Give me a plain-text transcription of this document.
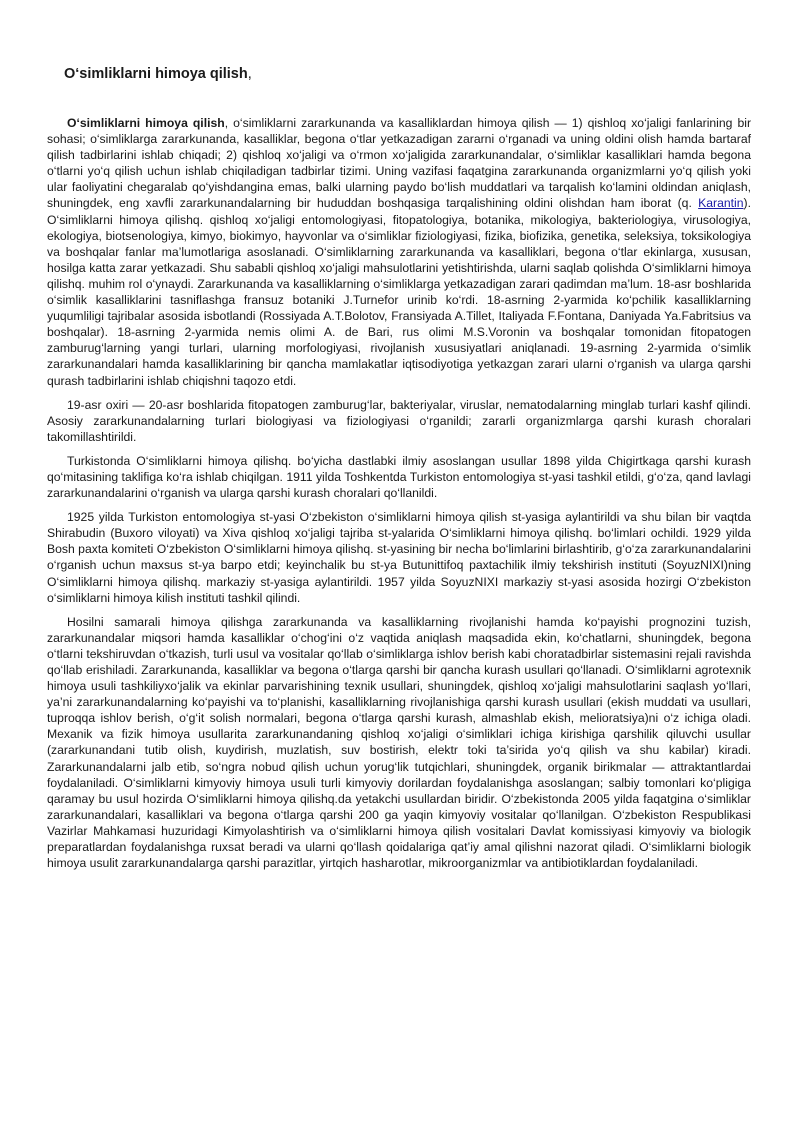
O‘simliklarni himoya qilish,

O‘simliklarni himoya qilish, o‘simliklarni zararkunanda va kasalliklardan himoya qilish — 1) qishloq xo‘jaligi fanlarining bir sohasi; o‘simliklarga zararkunanda, kasalliklar, begona o‘tlar yetkazadigan zararni o‘rganadi va uning oldini olish hamda bartaraf qilish tadbirlarini ishlab chiqadi; 2) qishloq xo‘jaligi va o‘rmon xo‘jaligida zararkunandalar, o‘simliklar kasalliklari hamda begona o‘tlarni yo‘q qilish uchun ishlab chiqiladigan tadbirlar tizimi. Uning vazifasi faqatgina zararkunanda organizmlarni yo‘q qilish yoki ular faoliyatini chegaralab qo‘yishdangina emas, balki ularning paydo bo‘lish muddatlari va tarqalish ko‘lamini oldindan aniqlash, shuningdek, eng xavfli zararkunandalarning bir hududdan boshqasiga tarqalishining oldini olishdan ham iborat (q. Karantin). O‘simliklarni himoya qilishq. qishloq xo‘jaligi entomologiyasi, fitopatologiya, botanika, mikologiya, bakteriologiya, virusologiya, ekologiya, biotsenologiya, kimyo, biokimyo, hayvonlar va o‘simliklar fiziologiyasi, fizika, biofizika, genetika, seleksiya, toksikologiya va boshqalar fanlar ma’lumotlariga asoslanadi. O‘simliklarning zararkunanda va kasalliklari, begona o‘tlar ekinlarga, xususan, hosilga katta zarar yetkazadi. Shu sababli qishloq xo‘jaligi mahsulotlarini yetishtirishda, ularni saqlab qolishda O‘simliklarni himoya qilishq. muhim rol o‘ynaydi. Zararkunanda va kasalliklarning o‘simliklarga yetkazadigan zarari qadimdan ma’lum. 18-asr boshlarida o‘simlik kasalliklarini tasniflashga fransuz botaniki J.Turnefor urinib ko‘rdi. 18-asrning 2-yarmida ko‘pchilik kasalliklarning yuqumliligi tajribalar asosida isbotlandi (Rossiyada A.T.Bolotov, Fransiyada A.Tillet, Italiyada F.Fontana, Daniyada Ya.Fabritsius va boshqalar). 18-asrning 2-yarmida nemis olimi A. de Bari, rus olimi M.S.Voronin va boshqalar tomonidan fitopatogen zamburug‘larning yangi turlari, ularning morfologiyasi, rivojlanish xususiyatlari aniqlanadi. 19-asrning 2-yarmida o‘simlik zararkunandalari hamda kasalliklarining bir qancha mamlakatlar iqtisodiyotiga yetkazgan zarari ularni o‘rganish va ularga qarshi qurash tadbirlarini ishlab chiqishni taqozo etdi.

19-asr oxiri — 20-asr boshlarida fitopatogen zamburug‘lar, bakteriyalar, viruslar, nematodalarning minglab turlari kashf qilindi. Asosiy zararkunandalarning turlari biologiyasi va fiziologiyasi o‘rganildi; zararli organizmlarga qarshi kurash choralari takomillashtirildi.

Turkistonda O‘simliklarni himoya qilishq. bo‘yicha dastlabki ilmiy asoslangan usullar 1898 yilda Chigirtkaga qarshi kurash qo‘mitasining taklifiga ko‘ra ishlab chiqilgan. 1911 yilda Toshkentda Turkiston entomologiya st-yasi tashkil etildi, g‘o‘za, qand lavlagi zararkunandalarini o‘rganish va ularga qarshi kurash choralari qo‘llanildi.

1925 yilda Turkiston entomologiya st-yasi O‘zbekiston o‘simliklarni himoya qilish st-yasiga aylantirildi va shu bilan bir vaqtda Shirabudin (Buxoro viloyati) va Xiva qishloq xo‘jaligi tajriba st-yalarida O‘simliklarni himoya qilishq. bo‘limlari ochildi. 1929 yilda Bosh paxta komiteti O‘zbekiston O‘simliklarni himoya qilishq. st-yasining bir necha bo‘limlarini birlashtirib, g‘o‘za zararkunandalarini o‘rganish uchun maxsus st-ya barpo etdi; keyinchalik bu st-ya Butunittifoq paxtachilik ilmiy tekshirish instituti (SoyuzNIXI)ning O‘simliklarni himoya qilishq. markaziy st-yasiga aylantirildi. 1957 yilda SoyuzNIXI markaziy st-yasi asosida hozirgi O‘zbekiston o‘simliklarni himoya kilish instituti tashkil qilindi.

Hosilni samarali himoya qilishga zararkunanda va kasalliklarning rivojlanishi hamda ko‘payishi prognozini tuzish, zararkunandalar miqsori hamda kasalliklar o‘chog‘ini o‘z vaqtida aniqlash maqsadida ekin, ko‘chatlarni, shuningdek, begona o‘tlarni tekshiruvdan o‘tkazish, turli usul va vositalar qo‘llab o‘simliklarga ishlov berish kabi choratadbirlar sistemasini rejali ravishda qo‘llab erishiladi. Zararkunanda, kasalliklar va begona o‘tlarga qarshi bir qancha kurash usullari qo‘llanadi. O‘simliklarni agrotexnik himoya usuli tashkiliyxo‘jalik va ekinlar parvarishining texnik usullari, shuningdek, qishloq xo‘jaligi mahsulotlarini saqlash yo‘llari, ya’ni zararkunandalarning ko‘payishi va to‘planishi, kasalliklarning rivojlanishiga qarshi kurash usullari (ekish muddati va usullari, tuproqqa ishlov berish, o‘g‘it solish normalari, begona o‘tlarga qarshi kurash, almashlab ekish, melioratsiya)ni o‘z ichiga oladi. Mexanik va fizik himoya usullarita zararkunandaning qishloq xo‘jaligi o‘simliklari ichiga kirishiga qarshilik qiluvchi usullar (zararkunandani tutib olish, kuydirish, muzlatish, suv bostirish, elektr toki ta’sirida yo‘q qilish va shu kabilar) kiradi. Zararkunandalarni jalb etib, so‘ngra nobud qilish uchun yorug‘lik tutqichlari, shuningdek, organik birikmalar — attraktantlardai foydalaniladi. O‘simliklarni kimyoviy himoya usuli turli kimyoviy dorilardan foydalanishga asoslangan; salbiy tomonlari ko‘pligiga qaramay bu usul hozirda O‘simliklarni himoya qilishq.da yetakchi usullardan biridir. O‘zbekistonda 2005 yilda faqatgina o‘simliklar zararkunandalari, kasalliklari va begona o‘tlarga qarshi 200 ga yaqin kimyoviy vositalar qo‘llanilgan. O‘zbekiston Respublikasi Vazirlar Mahkamasi huzuridagi Kimyolashtirish va o‘simliklarni himoya qilish vositalari Davlat komissiyasi kimyoviy va biologik preparatlardan foydalanishga ruxsat beradi va ularni qo‘llash qoidalariga qat’iy amal qilishni nazorat qiladi. O‘simliklarni biologik himoya usulit zararkunandalarga qarshi parazitlar, yirtqich hasharotlar, mikroorganizmlar va antibiotiklardan foydalaniladi.
